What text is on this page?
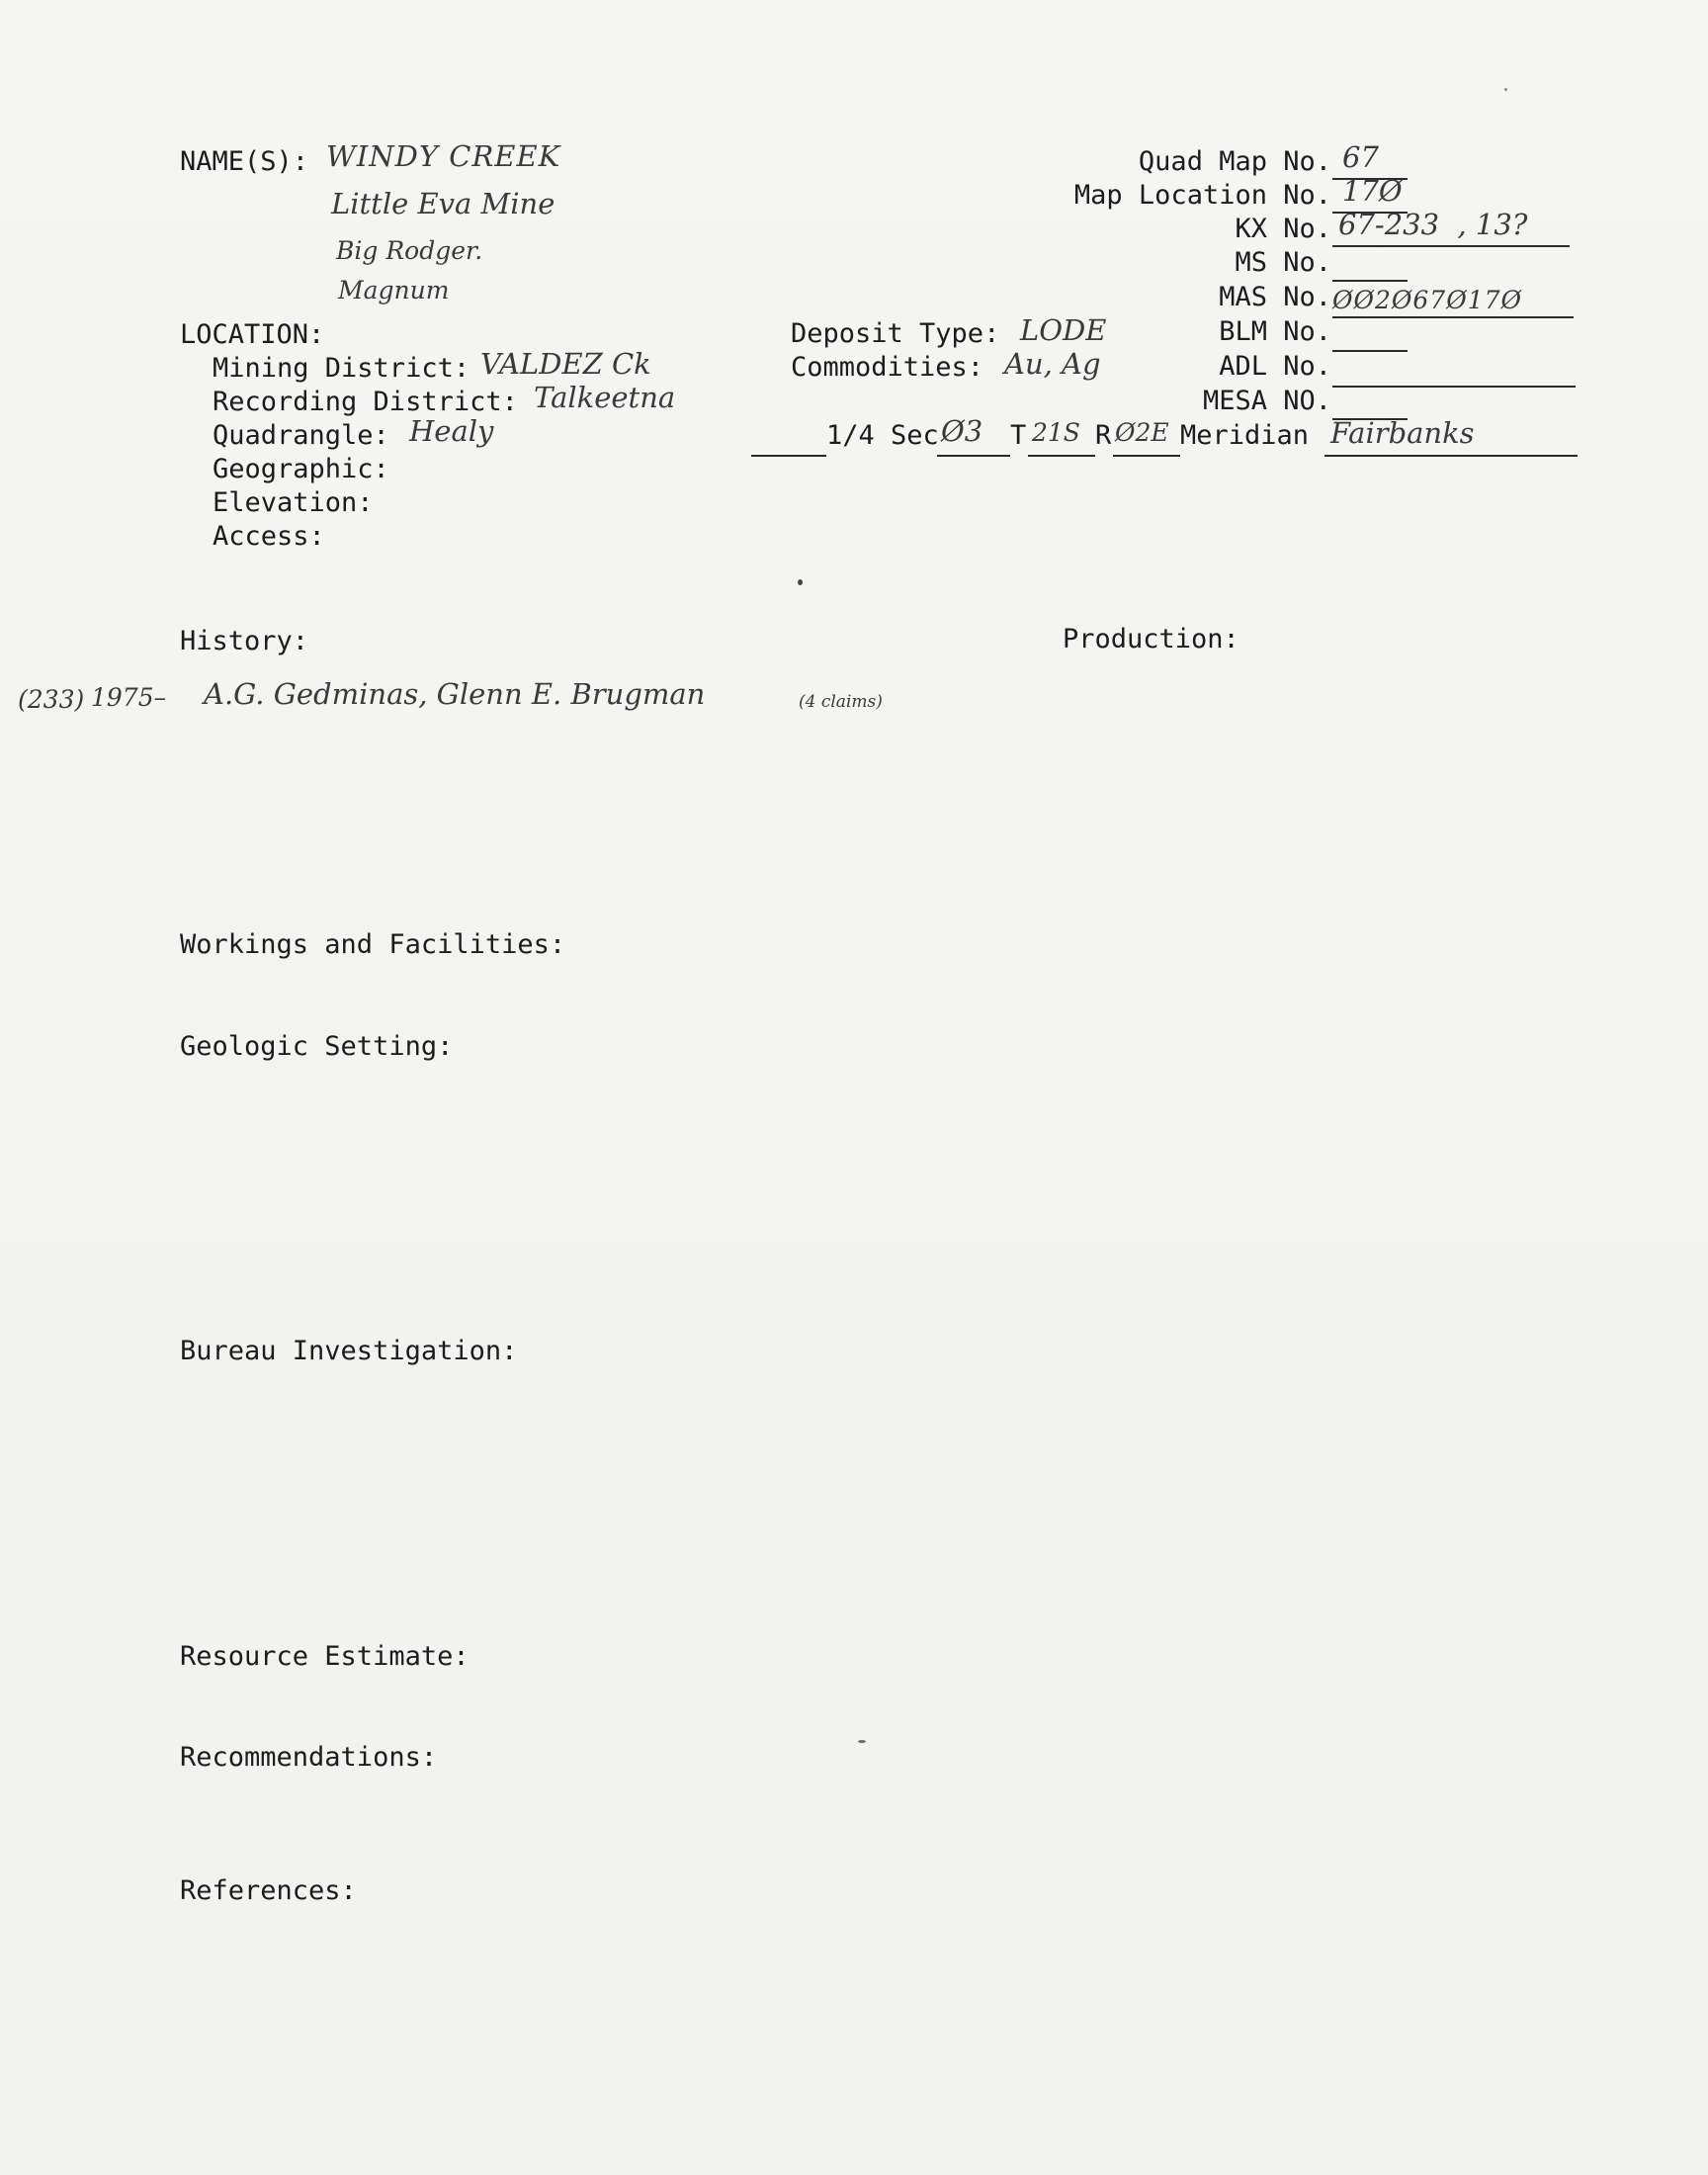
NAME(S): WINDY CREEK
Little Eva Mine
Big Rodger.
Magnum
LOCATION:
Mining District: VALDEZ Ck
Recording District: Talkeetna
Quadrangle: Healy
Geographic:
Elevation:
Access:
Deposit Type: LODE
Commodities: Au, Ag
Quad Map No.
Map Location No.
KX No.
MS No.
MAS No.
BLM No.
ADL No.
MESA NO.
67
17Ø
67-233  , 13?
ØØ2Ø67Ø17Ø
1/4 Sec Ø3 T 21S R Ø2E Meridian Fairbanks
History:	Production:
(233) 1975– A.G. Gedminas, Glenn E. Brugman	(4 claims)
Workings and Facilities:
Geologic Setting:
Bureau Investigation:
Resource Estimate:
Recommendations:
References:
